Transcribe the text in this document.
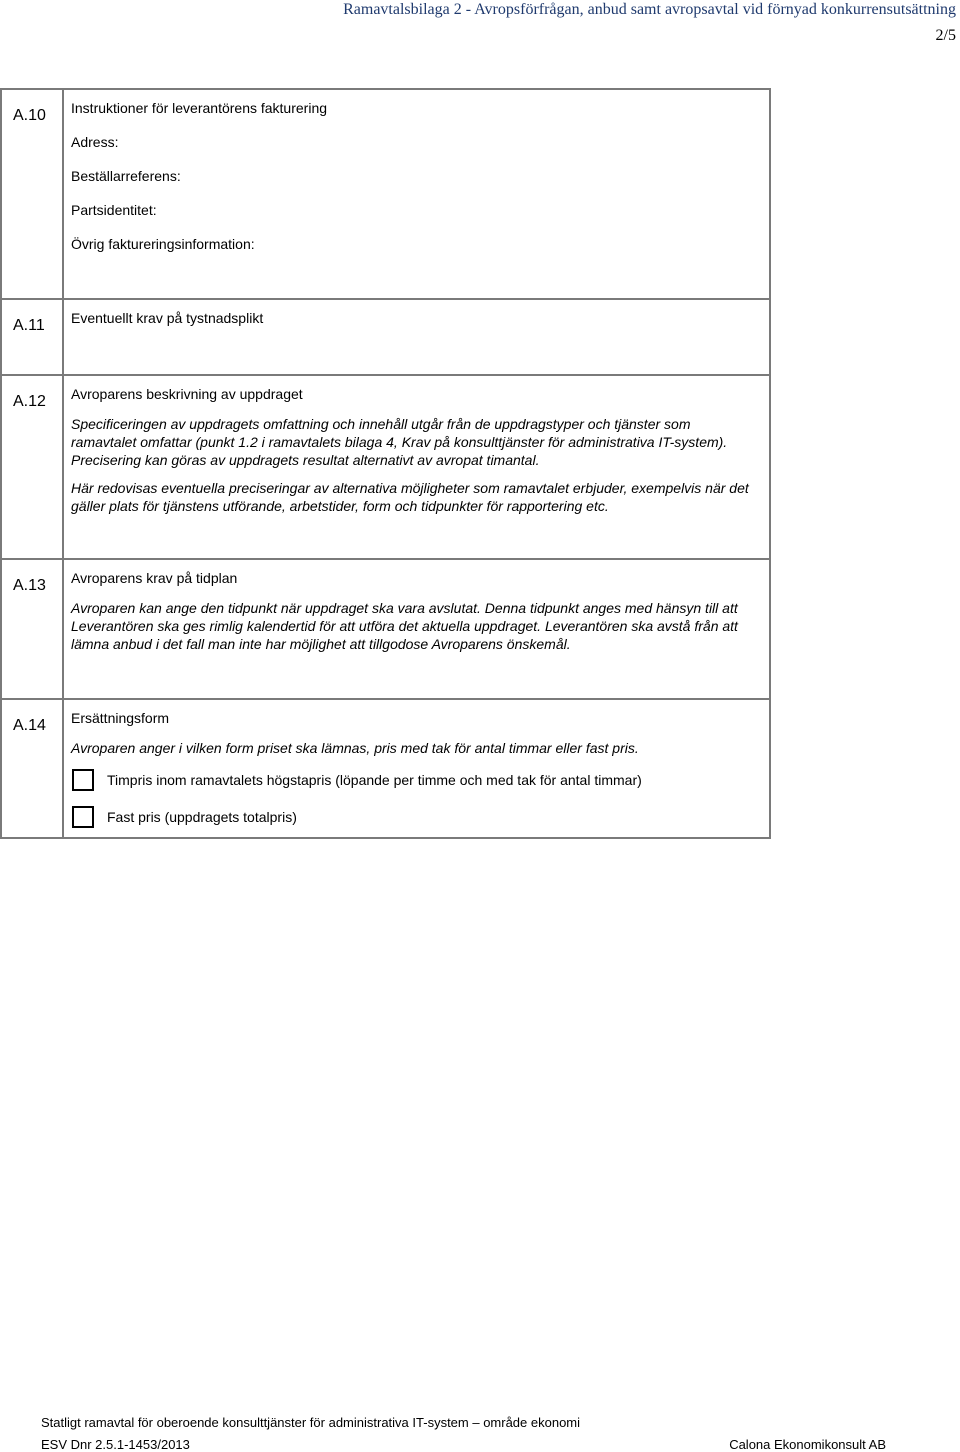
Ramavtalsbilaga 2 - Avropsförfrågan, anbud samt avropsavtal vid förnyad konkurrensutsättning
2/5
A.10	Instruktioner för leverantörens fakturering
Adress:
Beställarreferens:
Partsidentitet:
Övrig faktureringsinformation:

A.11	Eventuellt krav på tystnadsplikt

A.12	Avroparens beskrivning av uppdraget
Specificeringen av uppdragets omfattning och innehåll utgår från de uppdragstyper och tjänster som ramavtalet omfattar (punkt 1.2 i ramavtalets bilaga 4, Krav på konsulttjänster för administrativa IT-system). Precisering kan göras av uppdragets resultat alternativt av avropat timantal.
Här redovisas eventuella preciseringar av alternativa möjligheter som ramavtalet erbjuder, exempelvis när det gäller plats för tjänstens utförande, arbetstider, form och tidpunkter för rapportering etc.

A.13	Avroparens krav på tidplan
Avroparen kan ange den tidpunkt när uppdraget ska vara avslutat. Denna tidpunkt anges med hänsyn till att Leverantören ska ges rimlig kalendertid för att utföra det aktuella uppdraget. Leverantören ska avstå från att lämna anbud i det fall man inte har möjlighet att tillgodose Avroparens önskemål.

A.14	Ersättningsform
Avroparen anger i vilken form priset ska lämnas, pris med tak för antal timmar eller fast pris.
Timpris inom ramavtalets högstapris (löpande per timme och med tak för antal timmar)
Fast pris (uppdragets totalpris)
Statligt ramavtal för oberoende konsulttjänster för administrativa IT-system – område ekonomi
ESV Dnr 2.5.1-1453/2013	Calona Ekonomikonsult AB
